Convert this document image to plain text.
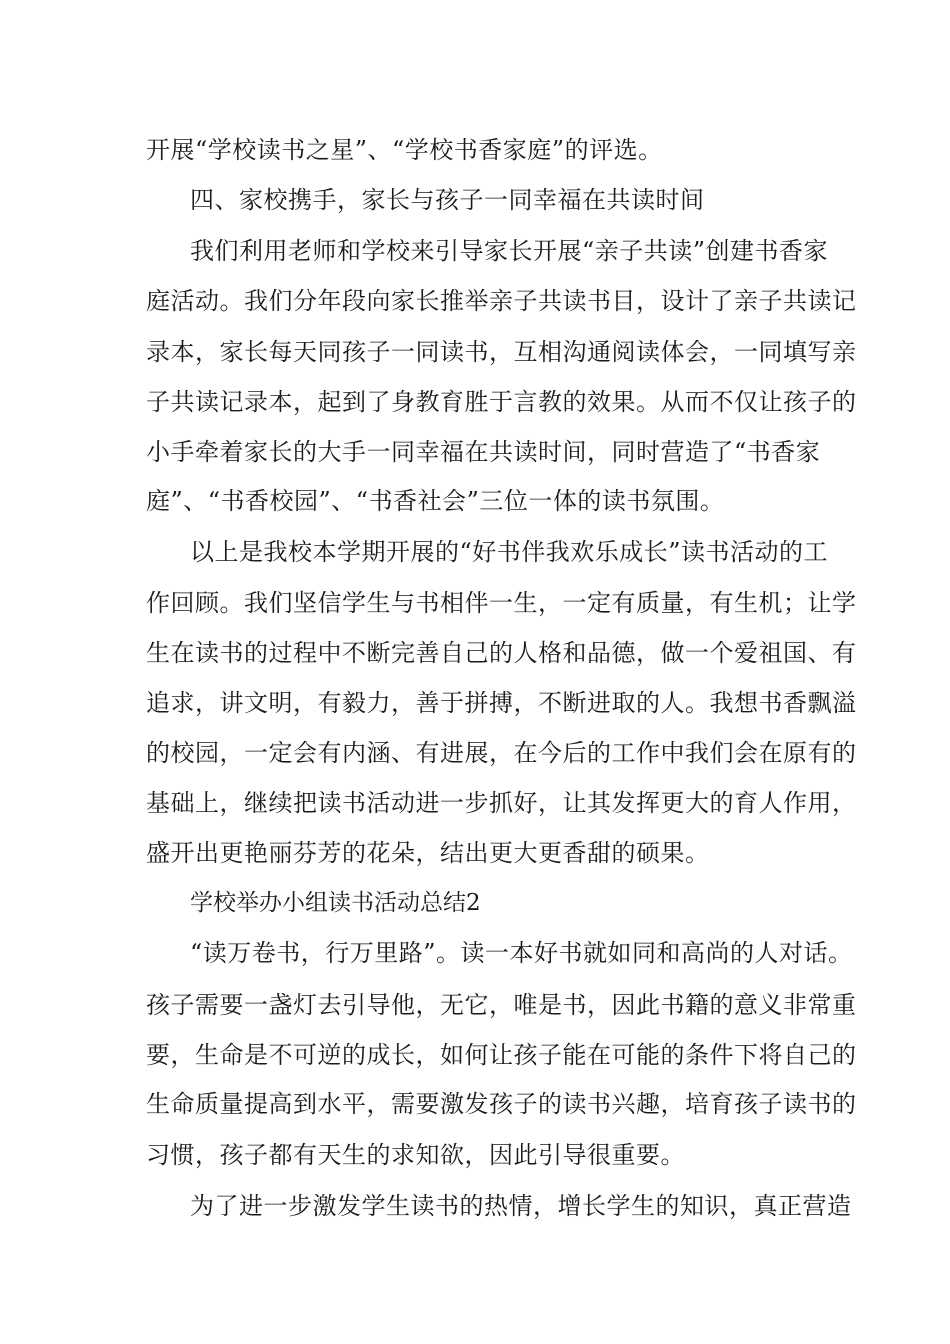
开展“学校读书之星”、“学校书香家庭”的评选。
四、家校携手，家长与孩子一同幸福在共读时间
我们利用老师和学校来引导家长开展“亲子共读”创建书香家
庭活动。我们分年段向家长推举亲子共读书目，设计了亲子共读记
录本，家长每天同孩子一同读书，互相沟通阅读体会，一同填写亲
子共读记录本，起到了身教育胜于言教的效果。从而不仅让孩子的
小手牵着家长的大手一同幸福在共读时间，同时营造了“书香家
庭”、“书香校园”、“书香社会”三位一体的读书氛围。
以上是我校本学期开展的“好书伴我欢乐成长”读书活动的工
作回顾。我们坚信学生与书相伴一生，一定有质量，有生机；让学
生在读书的过程中不断完善自己的人格和品德，做一个爱祖国、有
追求，讲文明，有毅力，善于拼搏，不断进取的人。我想书香飘溢
的校园，一定会有内涵、有进展，在今后的工作中我们会在原有的
基础上，继续把读书活动进一步抓好，让其发挥更大的育人作用，
盛开出更艳丽芬芳的花朵，结出更大更香甜的硕果。
学校举办小组读书活动总结2
“读万卷书，行万里路”。读一本好书就如同和高尚的人对话。
孩子需要一盏灯去引导他，无它，唯是书，因此书籍的意义非常重
要，生命是不可逆的成长，如何让孩子能在可能的条件下将自己的
生命质量提高到水平，需要激发孩子的读书兴趣，培育孩子读书的
习惯，孩子都有天生的求知欲，因此引导很重要。
为了进一步激发学生读书的热情，增长学生的知识，真正营造
